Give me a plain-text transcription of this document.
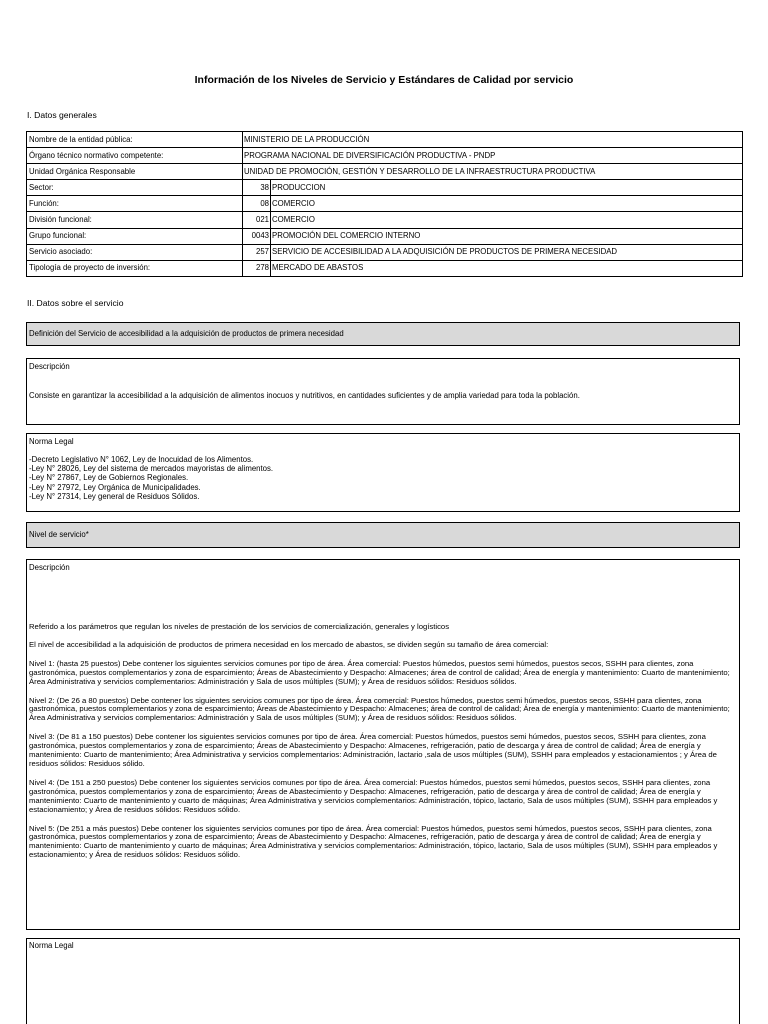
Información de los Niveles de Servicio y Estándares de Calidad por servicio
I. Datos generales
Nombre de la entidad pública:	MINISTERIO DE LA PRODUCCIÓN	
Órgano técnico normativo competente:	PROGRAMA NACIONAL DE DIVERSIFICACIÓN PRODUCTIVA - PNDP	
Unidad Orgánica Responsable	UNIDAD DE PROMOCIÓN, GESTIÓN Y DESARROLLO DE LA INFRAESTRUCTURA PRODUCTIVA	
Sector:	38	PRODUCCION
Función:	08	COMERCIO
División funcional:	021	COMERCIO
Grupo funcional:	0043	PROMOCIÓN DEL COMERCIO INTERNO
Servicio asociado:	257	SERVICIO DE ACCESIBILIDAD A LA ADQUISICIÓN DE PRODUCTOS DE PRIMERA NECESIDAD
Tipología de proyecto de inversión:	278	MERCADO DE ABASTOS
II. Datos sobre el servicio
Definición del Servicio de accesibilidad a la adquisición de productos de primera necesidad
Descripción
Consiste en garantizar la accesibilidad a la adquisición de alimentos inocuos y nutritivos, en cantidades suficientes y de amplia variedad para toda la población.
Norma Legal
-Decreto Legislativo N° 1062, Ley de Inocuidad de los Alimentos.
-Ley N° 28026, Ley del sistema de mercados mayoristas de alimentos.
-Ley N° 27867, Ley de Gobiernos Regionales.
-Ley N° 27972, Ley Orgánica de Municipalidades.
-Ley N° 27314, Ley general de Residuos Sólidos.
Nivel de servicio*
Descripción

Referido a los parámetros que regulan los niveles de prestación de los servicios de comercialización, generales y logísticos

El nivel de accesibilidad a la adquisición de productos de primera necesidad en los mercado de abastos, se dividen según su tamaño de área comercial:

Nivel 1: (hasta 25 puestos) Debe contener los siguientes servicios comunes por tipo de área. Área comercial: Puestos húmedos, puestos semi húmedos, puestos secos, SSHH para clientes, zona gastronómica, puestos complementarios y zona de esparcimiento; Áreas de Abastecimiento y Despacho: Almacenes; área de control de calidad; Área de energía y mantenimiento: Cuarto de mantenimiento; Área Administrativa y servicios complementarios: Administración y Sala de usos múltiples (SUM); y Área de residuos sólidos: Residuos sólidos.

Nivel 2: (De 26 a 80 puestos) Debe contener los siguientes servicios comunes por tipo de área. Área comercial: Puestos húmedos, puestos semi húmedos, puestos secos, SSHH para clientes, zona gastronómica, puestos complementarios y zona de esparcimiento; Áreas de Abastecimiento y Despacho: Almacenes; área de control de calidad; Área de energía y mantenimiento: Cuarto de mantenimiento; Área Administrativa y servicios complementarios: Administración y Sala de usos múltiples (SUM); y Área de residuos sólidos: Residuos sólidos.

Nivel 3: (De 81 a 150 puestos) Debe contener los siguientes servicios comunes por tipo de área. Área comercial: Puestos húmedos, puestos semi húmedos, puestos secos, SSHH para clientes, zona gastronómica, puestos complementarios y zona de esparcimiento; Áreas de Abastecimiento y Despacho: Almacenes, refrigeración, patio de descarga y área de control de calidad; Área de energía y mantenimiento: Cuarto de mantenimiento; Área Administrativa y servicios complementarios: Administración, lactario ,sala de usos múltiples (SUM), SSHH para empleados y estacionamientos ; y Área de residuos sólidos: Residuos sólido.

Nivel 4: (De 151 a 250 puestos) Debe contener los siguientes servicios comunes por tipo de área. Área comercial: Puestos húmedos, puestos semi húmedos, puestos secos, SSHH para clientes, zona gastronómica, puestos complementarios y zona de esparcimiento; Áreas de Abastecimiento y Despacho: Almacenes, refrigeración, patio de descarga y área de control de calidad; Área de energía y mantenimiento: Cuarto de mantenimiento y cuarto de máquinas; Área Administrativa y servicios complementarios: Administración, tópico, lactario, Sala de usos múltiples (SUM), SSHH para empleados y estacionamiento; y Área de residuos sólidos: Residuos sólido.

Nivel 5: (De 251 a más puestos) Debe contener los siguientes servicios comunes por tipo de área. Área comercial: Puestos húmedos, puestos semi húmedos, puestos secos, SSHH para clientes, zona gastronómica, puestos complementarios y zona de esparcimiento; Áreas de Abastecimiento y Despacho: Almacenes, refrigeración, patio de descarga y área de control de calidad; Área de energía y mantenimiento: Cuarto de mantenimiento y cuarto de máquinas; Área Administrativa y servicios complementarios: Administración, tópico, lactario, Sala de usos múltiples (SUM), SSHH para empleados y estacionamiento; y Área de residuos sólidos: Residuos sólido.

Norma Legal
